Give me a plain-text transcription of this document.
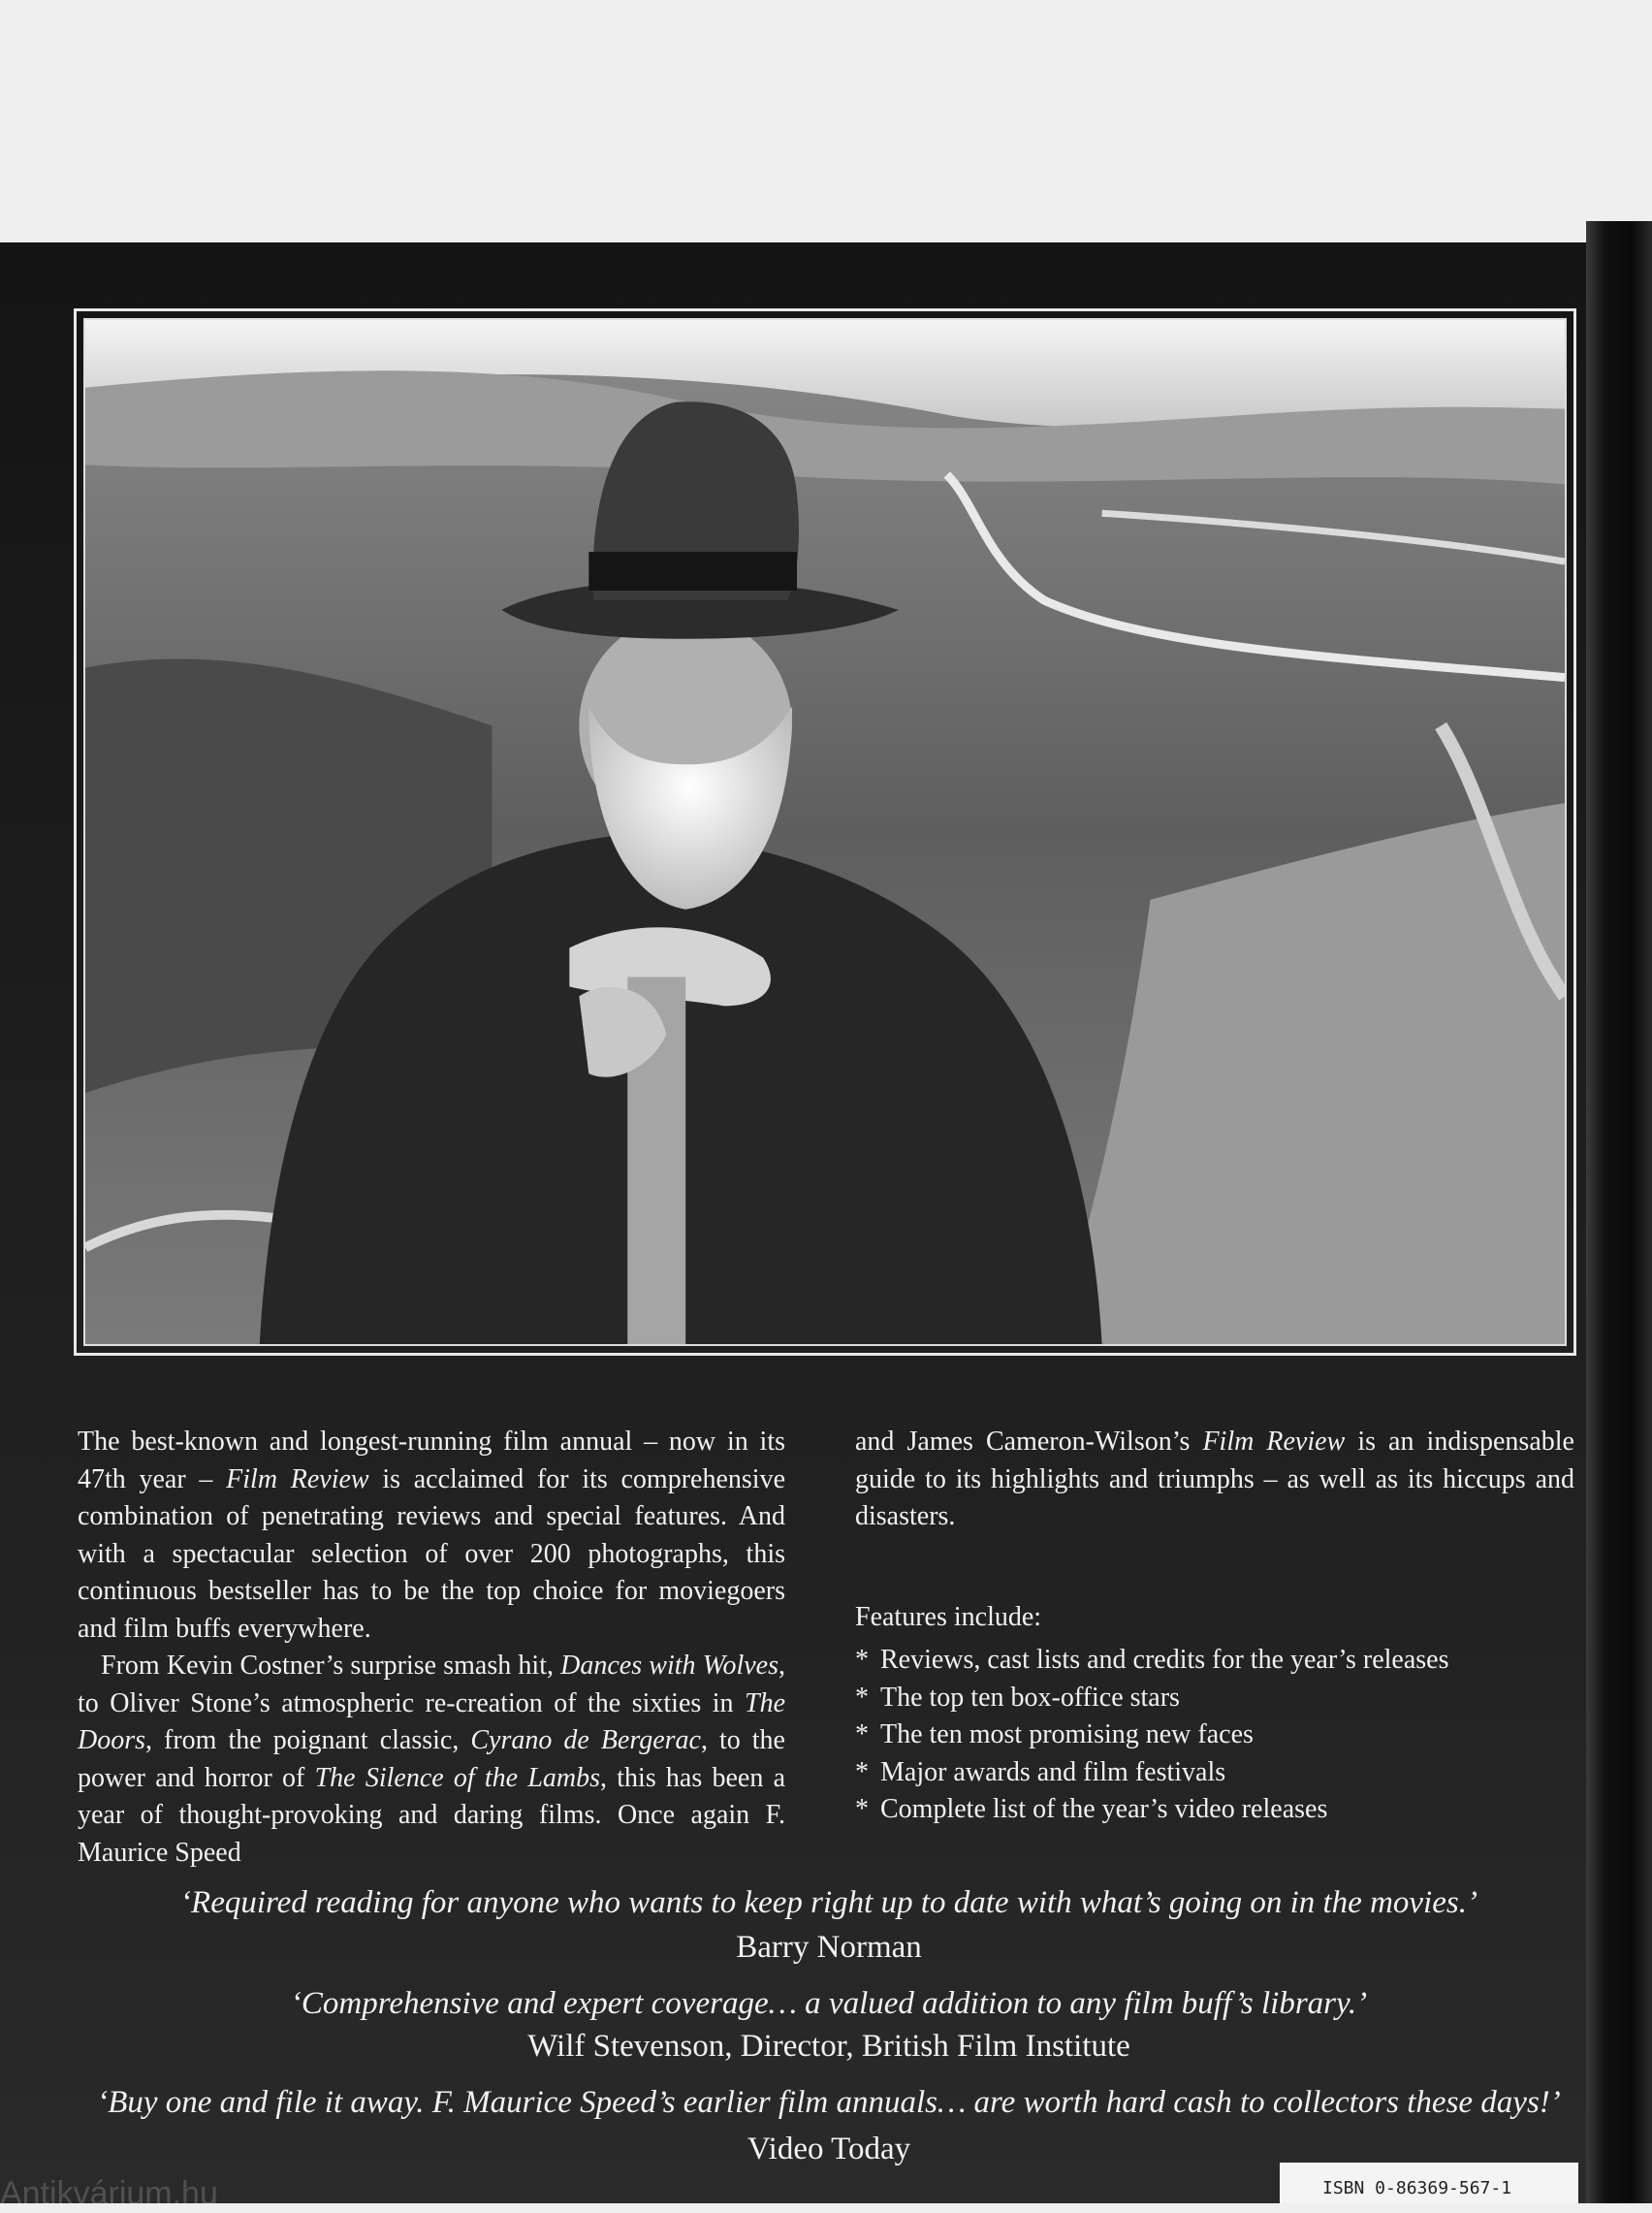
The best-known and longest-running film annual – now in its 47th year – Film Review is acclaimed for its comprehensive combination of penetrating reviews and special features. And with a spectacular selection of over 200 photographs, this continuous bestseller has to be the top choice for moviegoers and film buffs everywhere.

From Kevin Costner’s surprise smash hit, Dances with Wolves, to Oliver Stone’s atmospheric re-creation of the sixties in The Doors, from the poignant classic, Cyrano de Bergerac, to the power and horror of The Silence of the Lambs, this has been a year of thought-provoking and daring films. Once again F. Maurice Speed

and James Cameron-Wilson’s Film Review is an indispensable guide to its highlights and triumphs – as well as its hiccups and disasters.

Features include:
* Reviews, cast lists and credits for the year’s releases
* The top ten box-office stars
* The ten most promising new faces
* Major awards and film festivals
* Complete list of the year’s video releases
‘Required reading for anyone who wants to keep right up to date with what’s going on in the movies.’
Barry Norman
‘Comprehensive and expert coverage… a valued addition to any film buff’s library.’
Wilf Stevenson, Director, British Film Institute
‘Buy one and file it away. F. Maurice Speed’s earlier film annuals… are worth hard cash to collectors these days!’
Video Today
ISBN 0-86369-567-1
Antikvárium.hu
